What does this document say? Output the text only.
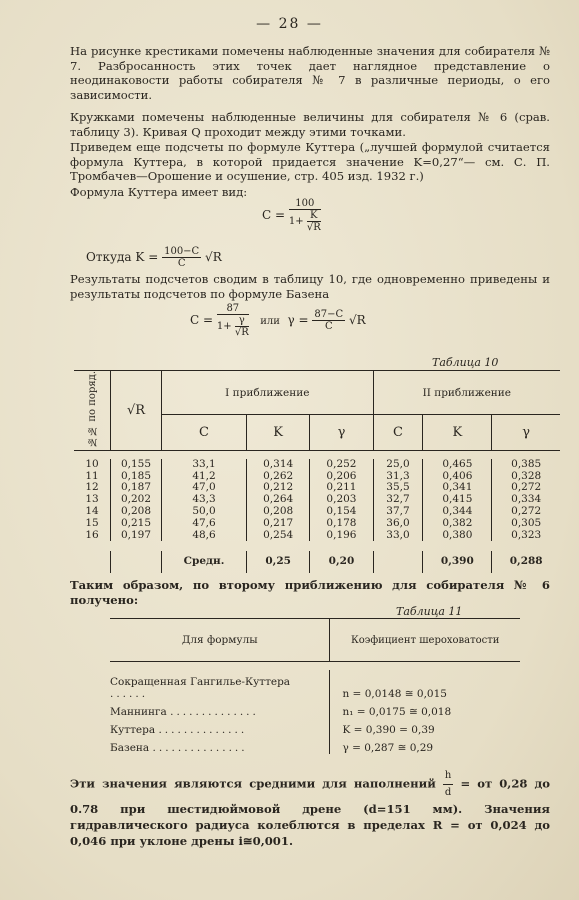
— 28 —
На рисунке крестиками помечены наблюденные значения для собирателя № 7. Разбросанность этих точек дает наглядное представление о неодинаковости работы собирателя № 7 в различные периоды, о его зависимости.
Кружками помечены наблюденные величины для собирателя № 6 (срав. таблицу 3). Кривая Q проходит между этими точками.
Приведем еще подсчеты по формуле Куттера („лучшей формулой считается формула Куттера, в которой придается значение K=0,27“— см. С. П. Тромбачев—Орошение и осушение, стр. 405 изд. 1932 г.)
Формула Куттера имеет вид:
$C = \frac{100}{1+ \frac{K}{√R}}$
Откуда $K = \frac{100-C}{C} √R$
Результаты подсчетов сводим в таблицу 10, где одновременно приведены и результаты подсчетов по формуле Базена
$C = \frac{87}{1+ \frac{\gamma}{√R}}$ или $\gamma = \frac{87-C}{C} √R$
Таблица 10
№№ по поряд.	√R	I приближение			II приближение		
		C	K	γ	C	K	γ

10	0,155	33,1	0,314	0,252	25,0	0,465	0,385
11	0,185	41,2	0,262	0,206	31,3	0,406	0,328
12	0,187	47,0	0,212	0,211	35,5	0,341	0,272
13	0,202	43,3	0,264	0,203	32,7	0,415	0,334
14	0,208	50,0	0,208	0,154	37,7	0,344	0,272
15	0,215	47,6	0,217	0,178	36,0	0,382	0,305
16	0,197	48,6	0,254	0,196	33,0	0,380	0,323

		Средн.	0,25	0,20		0,390	0,288
Таким образом, по второму приближению для собирателя № 6 получено:
Таблица 11
Для формулы	Коэфициент шероховатости

Сокращенная Гангилье-Куттера ......	n = 0,0148 ≅ 0,015
Маннинга ..............	n₁ = 0,0175 ≅ 0,018
Куттера ..............	K = 0,390 = 0,39
Базена ...............	γ = 0,287 ≅ 0,29
Эти значения являются средними для наполнений $\frac{h}{d}$ = от 0,28 до 0.78 при шестидюймовой дрене (d=151 мм). Значения гидравлического радиуса колеблются в пределах R = от 0,024 до 0,046 при уклоне дрены i≅0,001.
